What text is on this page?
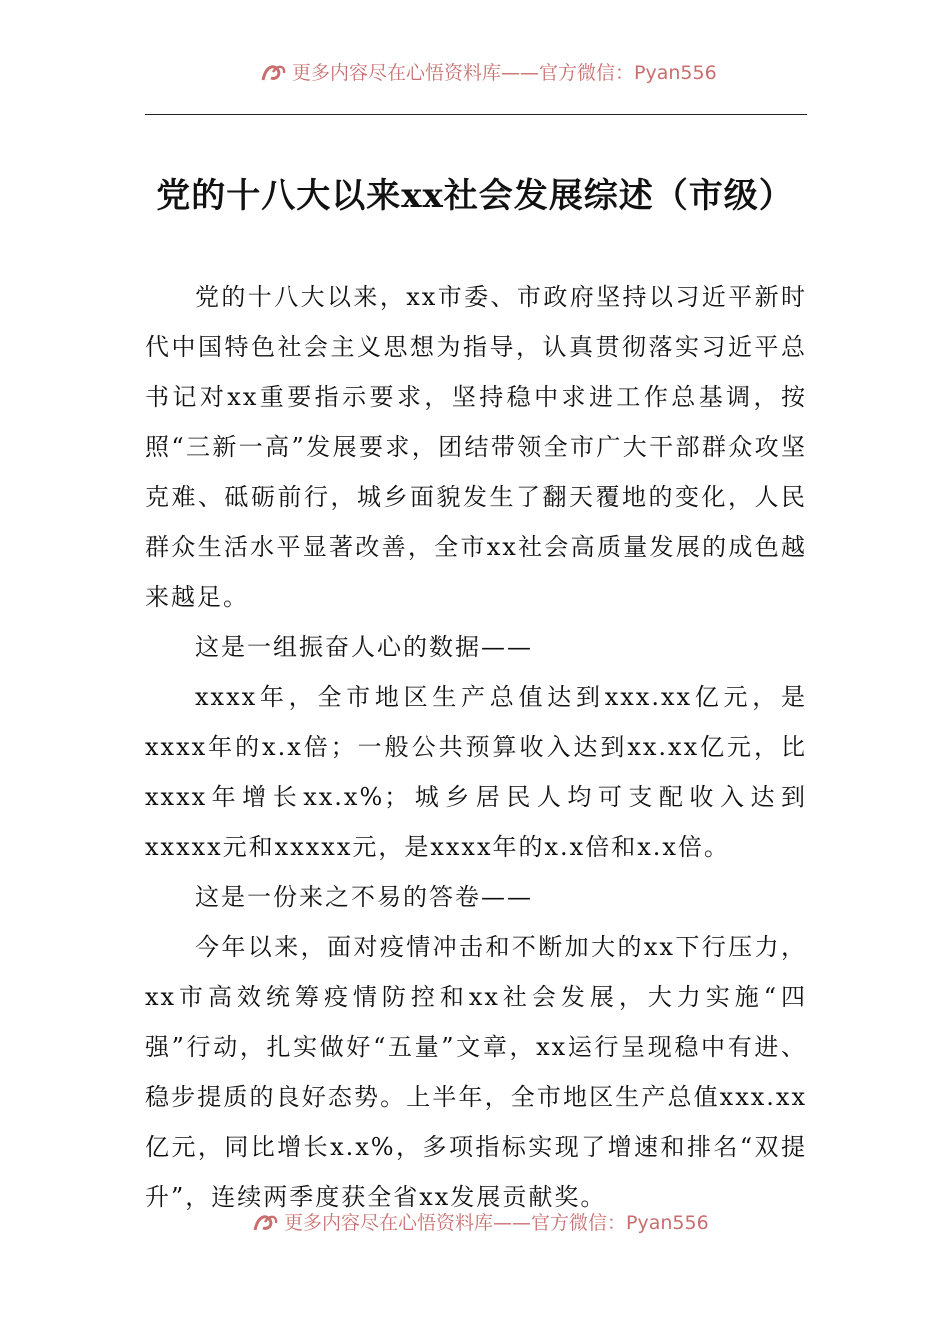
更多内容尽在心悟资料库——官方微信：Pyan556
党的十八大以来xx社会发展综述（市级）

党的十八大以来，xx市委、市政府坚持以习近平新时代中国特色社会主义思想为指导，认真贯彻落实习近平总书记对xx重要指示要求，坚持稳中求进工作总基调，按照“三新一高”发展要求，团结带领全市广大干部群众攻坚克难、砥砺前行，城乡面貌发生了翻天覆地的变化，人民群众生活水平显著改善，全市xx社会高质量发展的成色越来越足。

这是一组振奋人心的数据——

xxxx年，全市地区生产总值达到xxx.xx亿元，是xxxx年的x.x倍；一般公共预算收入达到xx.xx亿元，比xxxx年增长xx.x%；城乡居民人均可支配收入达到xxxxx元和xxxxx元，是xxxx年的x.x倍和x.x倍。

这是一份来之不易的答卷——

今年以来，面对疫情冲击和不断加大的xx下行压力，xx市高效统筹疫情防控和xx社会发展，大力实施“四强”行动，扎实做好“五量”文章，xx运行呈现稳中有进、稳步提质的良好态势。上半年，全市地区生产总值xxx.xx亿元，同比增长x.x%，多项指标实现了增速和排名“双提升”，连续两季度获全省xx发展贡献奖。

更多内容尽在心悟资料库——官方微信：Pyan556
